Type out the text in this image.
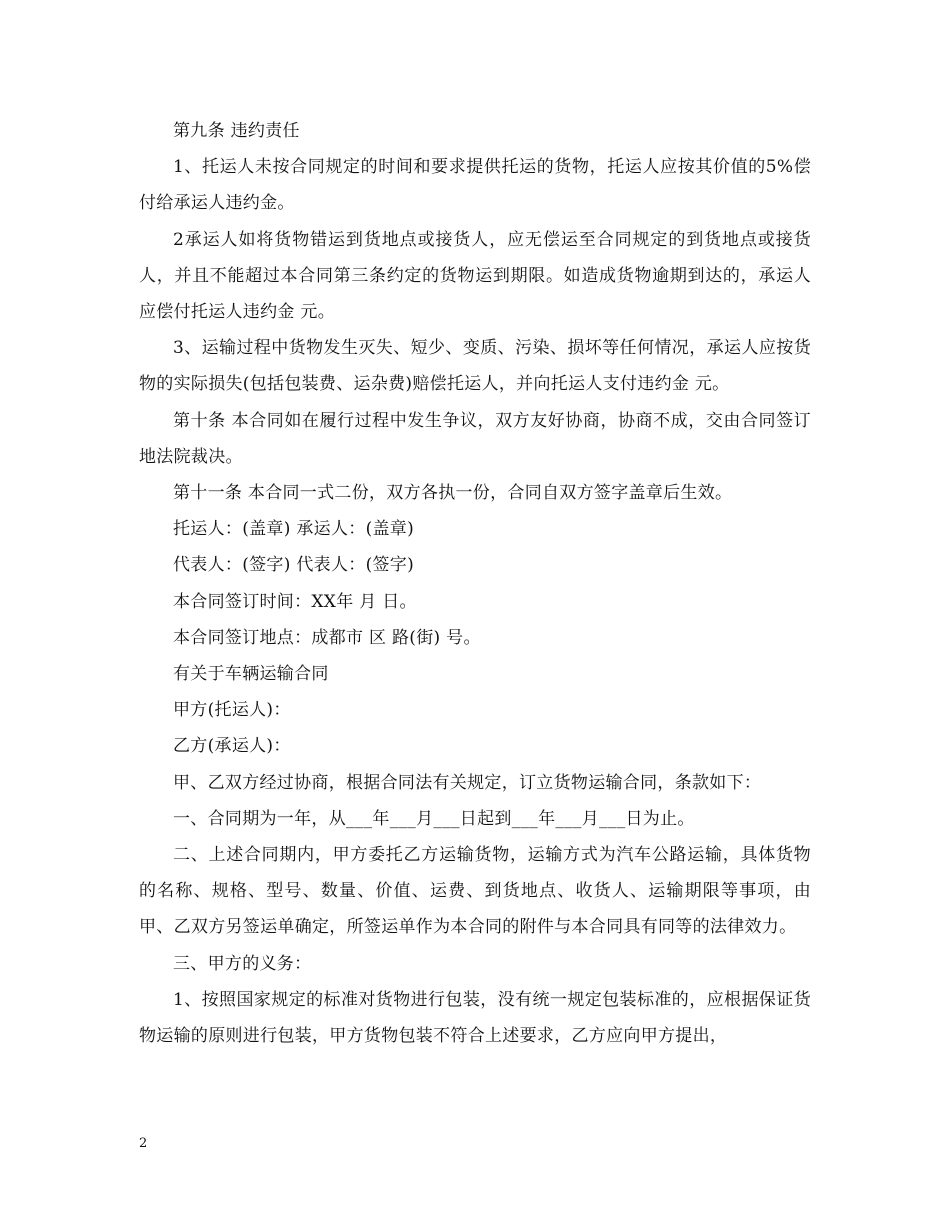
第九条 违约责任

1、托运人未按合同规定的时间和要求提供托运的货物，托运人应按其价值的5%偿付给承运人违约金。

2承运人如将货物错运到货地点或接货人，应无偿运至合同规定的到货地点或接货人，并且不能超过本合同第三条约定的货物运到期限。如造成货物逾期到达的，承运人应偿付托运人违约金 元。

3、运输过程中货物发生灭失、短少、变质、污染、损坏等任何情况，承运人应按货物的实际损失(包括包装费、运杂费)赔偿托运人，并向托运人支付违约金 元。

第十条 本合同如在履行过程中发生争议，双方友好协商，协商不成，交由合同签订地法院裁决。

第十一条 本合同一式二份，双方各执一份，合同自双方签字盖章后生效。

托运人：(盖章) 承运人：(盖章)

代表人：(签字) 代表人：(签字)

本合同签订时间：XX年 月 日。

本合同签订地点：成都市 区 路(街) 号。

有关于车辆运输合同

甲方(托运人)：

乙方(承运人)：

甲、乙双方经过协商，根据合同法有关规定，订立货物运输合同，条款如下：

一、合同期为一年，从___年___月___日起到___年___月___日为止。

二、上述合同期内，甲方委托乙方运输货物，运输方式为汽车公路运输，具体货物的名称、规格、型号、数量、价值、运费、到货地点、收货人、运输期限等事项，由甲、乙双方另签运单确定，所签运单作为本合同的附件与本合同具有同等的法律效力。

三、甲方的义务：

1、按照国家规定的标准对货物进行包装，没有统一规定包装标准的，应根据保证货物运输的原则进行包装，甲方货物包装不符合上述要求，乙方应向甲方提出，

2
